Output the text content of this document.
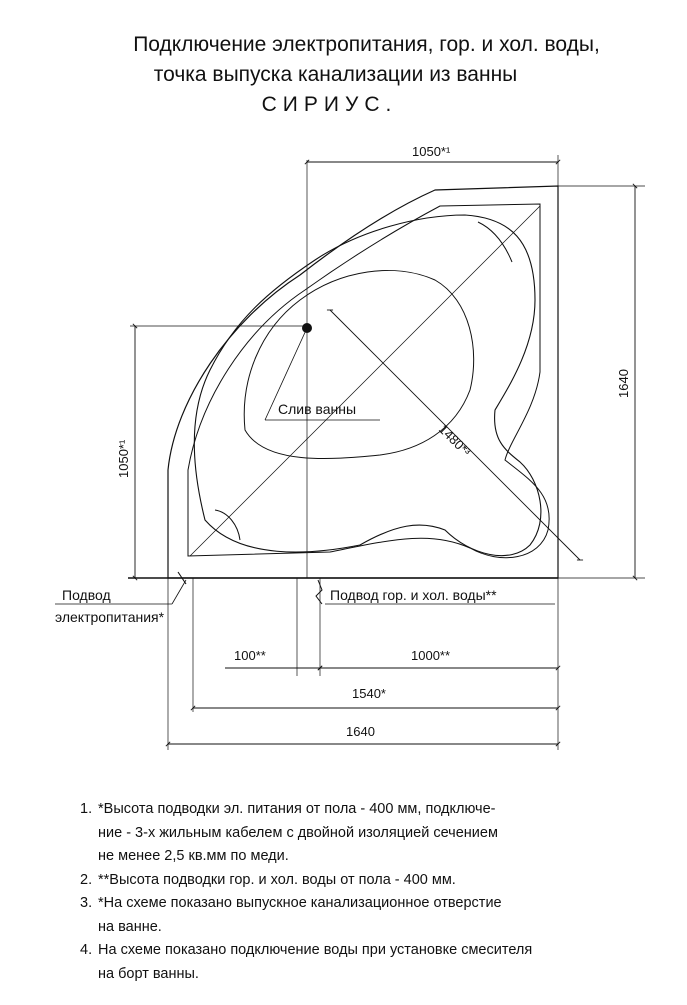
Подключение электропитания, гор. и хол. воды,
точка выпуска канализации из ванны
СИРИУС.
1480*³
Слив ванны
1050*¹
1640
1050*¹
Подвод
электропитания*
Подвод гор. и хол. воды**
100**	1000**
1540*
1640
1. *Высота подводки эл. питания от пола - 400 мм, подключе-
ние - 3-х жильным кабелем с двойной изоляцией сечением
не менее 2,5 кв.мм по меди.
2. **Высота подводки гор. и хол. воды от пола - 400 мм.
3. *На схеме показано выпускное канализационное отверстие
на ванне.
4. На схеме показано подключение воды при установке смесителя
на борт ванны.
